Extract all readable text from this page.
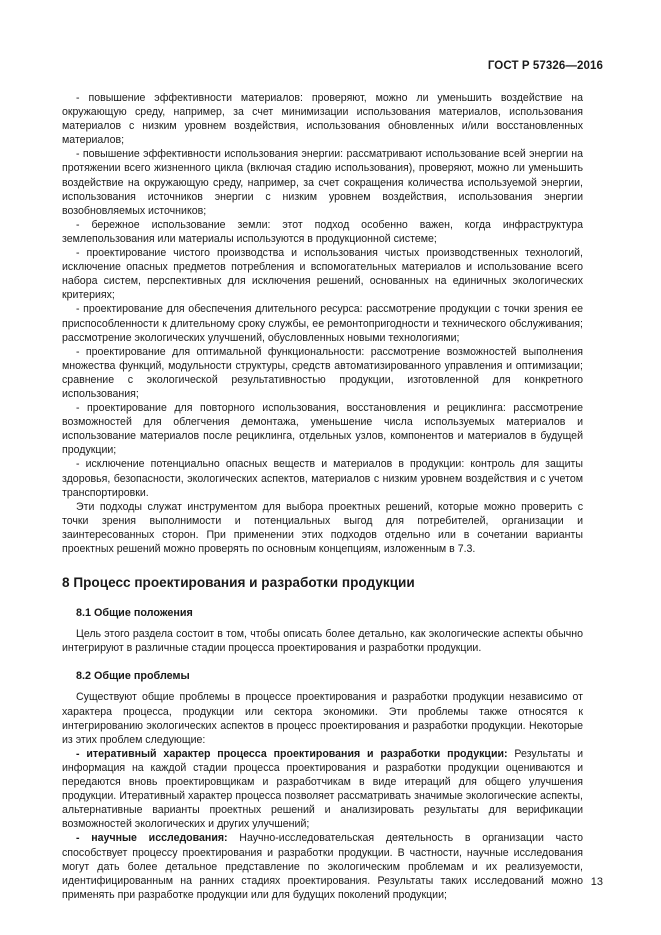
ГОСТ Р 57326—2016

- повышение эффективности материалов: проверяют, можно ли уменьшить воздействие на окружающую среду, например, за счет минимизации использования материалов, использования материалов с низким уровнем воздействия, использования обновленных и/или восстановленных материалов;

- повышение эффективности использования энергии: рассматривают использование всей энергии на протяжении всего жизненного цикла (включая стадию использования), проверяют, можно ли уменьшить воздействие на окружающую среду, например, за счет сокращения количества используемой энергии, использования источников энергии с низким уровнем воздействия, использования энергии возобновляемых источников;

- бережное использование земли: этот подход особенно важен, когда инфраструктура землепользования или материалы используются в продукционной системе;

- проектирование чистого производства и использования чистых производственных технологий, исключение опасных предметов потребления и вспомогательных материалов и использование всего набора систем, перспективных для исключения решений, основанных на единичных экологических критериях;

- проектирование для обеспечения длительного ресурса: рассмотрение продукции с точки зрения ее приспособленности к длительному сроку службы, ее ремонтопригодности и технического обслуживания; рассмотрение экологических улучшений, обусловленных новыми технологиями;

- проектирование для оптимальной функциональности: рассмотрение возможностей выполнения множества функций, модульности структуры, средств автоматизированного управления и оптимизации; сравнение с экологической результативностью продукции, изготовленной для конкретного использования;

- проектирование для повторного использования, восстановления и рециклинга: рассмотрение возможностей для облегчения демонтажа, уменьшение числа используемых материалов и использование материалов после рециклинга, отдельных узлов, компонентов и материалов в будущей продукции;

- исключение потенциально опасных веществ и материалов в продукции: контроль для защиты здоровья, безопасности, экологических аспектов, материалов с низким уровнем воздействия и с учетом транспортировки.

Эти подходы служат инструментом для выбора проектных решений, которые можно проверить с точки зрения выполнимости и потенциальных выгод для потребителей, организации и заинтересованных сторон. При применении этих подходов отдельно или в сочетании варианты проектных решений можно проверять по основным концепциям, изложенным в 7.3.

8 Процесс проектирования и разработки продукции
8.1 Общие положения

Цель этого раздела состоит в том, чтобы описать более детально, как экологические аспекты обычно интегрируют в различные стадии процесса проектирования и разработки продукции.

8.2 Общие проблемы

Существуют общие проблемы в процессе проектирования и разработки продукции независимо от характера процесса, продукции или сектора экономики. Эти проблемы также относятся к интегрированию экологических аспектов в процесс проектирования и разработки продукции. Некоторые из этих проблем следующие:

- итеративный характер процесса проектирования и разработки продукции: Результаты и информация на каждой стадии процесса проектирования и разработки продукции оцениваются и передаются вновь проектировщикам и разработчикам в виде итераций для общего улучшения продукции. Итеративный характер процесса позволяет рассматривать значимые экологические аспекты, альтернативные варианты проектных решений и анализировать результаты для верификации возможностей экологических и других улучшений;

- научные исследования: Научно-исследовательская деятельность в организации часто способствует процессу проектирования и разработки продукции. В частности, научные исследования могут дать более детальное представление по экологическим проблемам и их реализуемости, идентифицированным на ранних стадиях проектирования. Результаты таких исследований можно применять при разработке продукции или для будущих поколений продукции;

13
